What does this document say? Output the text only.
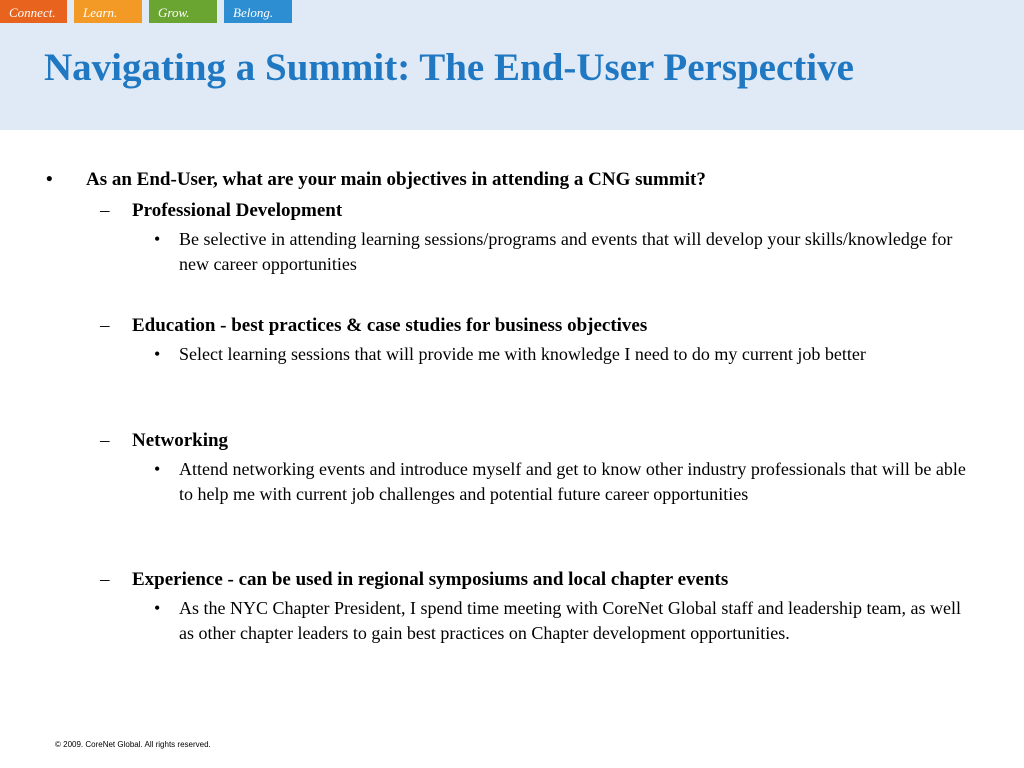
Connect.	Learn.	Grow.	Belong.
Navigating a Summit: The End-User Perspective
• As an End-User, what are your main objectives in attending a CNG summit?
– Professional Development
• Be selective in attending learning sessions/programs and events that will develop your skills/knowledge for new career opportunities
– Education - best practices & case studies for business objectives
• Select learning sessions that will provide me with knowledge I need to do my current job better
– Networking
• Attend networking events and introduce myself and get to know other industry professionals that will be able to help me with current job challenges and potential future career opportunities
– Experience - can be used in regional symposiums and local chapter events
• As the NYC Chapter President, I spend time meeting with CoreNet Global staff and leadership team, as well as other chapter leaders to gain best practices on Chapter development opportunities.
© 2009. CoreNet Global. All rights reserved.
